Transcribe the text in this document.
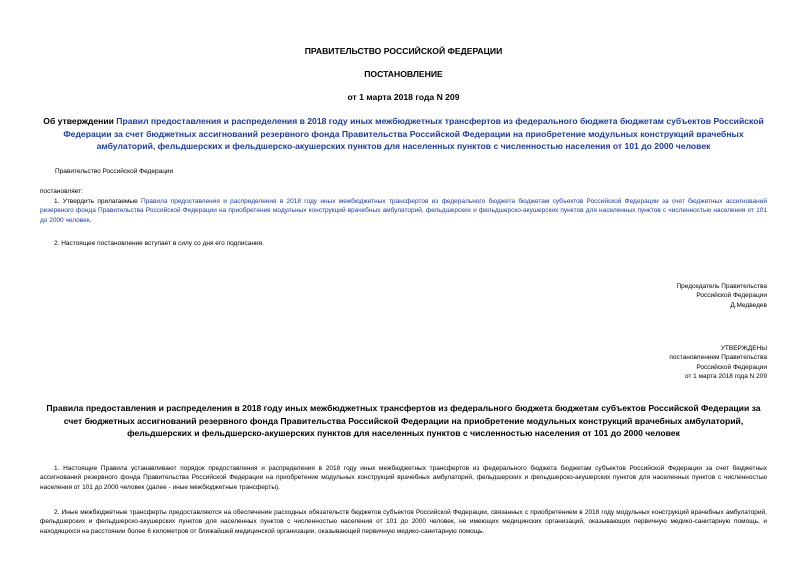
ПРАВИТЕЛЬСТВО РОССИЙСКОЙ ФЕДЕРАЦИИ
ПОСТАНОВЛЕНИЕ
от 1 марта 2018 года N 209
Об утверждении Правил предоставления и распределения в 2018 году иных межбюджетных трансфертов из федерального бюджета бюджетам субъектов Российской Федерации за счет бюджетных ассигнований резервного фонда Правительства Российской Федерации на приобретение модульных конструкций врачебных амбулаторий, фельдшерских и фельдшерско-акушерских пунктов для населенных пунктов с численностью населения от 101 до 2000 человек
Правительство Российской Федерации
постановляет:
1. Утвердить прилагаемые Правила предоставления и распределения в 2018 году иных межбюджетных трансфертов из федерального бюджета бюджетам субъектов Российской Федерации за счет бюджетных ассигнований резервного фонда Правительства Российской Федерации на приобретение модульных конструкций врачебных амбулаторий, фельдшерских и фельдшерско-акушерских пунктов для населенных пунктов с численностью населения от 101 до 2000 человек.
2. Настоящее постановление вступает в силу со дня его подписания.
Председатель Правительства
Российской Федерации
Д.Медведев
УТВЕРЖДЕНЫ
постановлением Правительства
Российской Федерации
от 1 марта 2018 года N 209
Правила предоставления и распределения в 2018 году иных межбюджетных трансфертов из федерального бюджета бюджетам субъектов Российской Федерации за счет бюджетных ассигнований резервного фонда Правительства Российской Федерации на приобретение модульных конструкций врачебных амбулаторий, фельдшерских и фельдшерско-акушерских пунктов для населенных пунктов с численностью населения от 101 до 2000 человек
1. Настоящие Правила устанавливают порядок предоставления и распределения в 2018 году иных межбюджетных трансфертов из федерального бюджета бюджетам субъектов Российской Федерации за счет бюджетных ассигнований резервного фонда Правительства Российской Федерации на приобретение модульных конструкций врачебных амбулаторий, фельдшерских и фельдшерско-акушерских пунктов для населенных пунктов с численностью населения от 101 до 2000 человек (далее - иные межбюджетные трансферты).
2. Иные межбюджетные трансферты предоставляются на обеспечение расходных обязательств бюджетов субъектов Российской Федерации, связанных с приобретением в 2018 году модульных конструкций врачебных амбулаторий, фельдшерских и фельдшерско-акушерских пунктов для населенных пунктов с численностью населения от 101 до 2000 человек, не имеющих медицинских организаций, оказывающих первичную медико-санитарную помощь, и находящихся на расстоянии более 6 километров от ближайшей медицинской организации, оказывающей первичную медико-санитарную помощь.
